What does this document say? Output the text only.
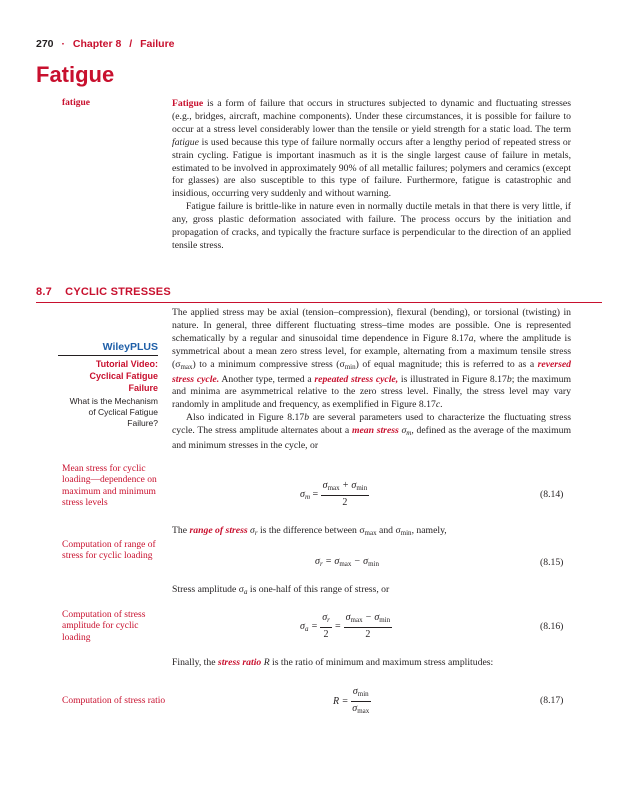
270 · Chapter 8 / Failure
Fatigue
fatigue	Fatigue is a form of failure that occurs in structures subjected to dynamic and fluctuating stresses (e.g., bridges, aircraft, machine components). Under these circumstances, it is possible for failure to occur at a stress level considerably lower than the tensile or yield strength for a static load. The term fatigue is used because this type of failure normally occurs after a lengthy period of repeated stress or strain cycling. Fatigue is important inasmuch as it is the single largest cause of failure in metals, estimated to be involved in approximately 90% of all metallic failures; polymers and ceramics (except for glasses) are also susceptible to this type of failure. Furthermore, fatigue is catastrophic and insidious, occurring very suddenly and without warning.

Fatigue failure is brittle-like in nature even in normally ductile metals in that there is very little, if any, gross plastic deformation associated with failure. The process occurs by the initiation and propagation of cracks, and typically the fracture surface is perpendicular to the direction of an applied tensile stress.

8.7 CYCLIC STRESSES
WileyPLUS
Tutorial Video:
Cyclical Fatigue
Failure
What is the Mechanism
of Cyclical Fatigue
Failure?

The applied stress may be axial (tension–compression), flexural (bending), or torsional (twisting) in nature. In general, three different fluctuating stress–time modes are possible. One is represented schematically by a regular and sinusoidal time dependence in Figure 8.17a, where the amplitude is symmetrical about a mean zero stress level, for example, alternating from a maximum tensile stress $(\sigma_{max})$ to a minimum compressive stress $(\sigma_{min})$ of equal magnitude; this is referred to as a reversed stress cycle. Another type, termed a repeated stress cycle, is illustrated in Figure 8.17b; the maximum and minima are asymmetrical relative to the zero stress level. Finally, the stress level may vary randomly in amplitude and frequency, as exemplified in Figure 8.17c.

Also indicated in Figure 8.17b are several parameters used to characterize the fluctuating stress cycle. The stress amplitude alternates about a mean stress $\sigma_m$, defined as the average of the maximum and minimum stresses in the cycle, or

Mean stress for cyclic loading—dependence on maximum and minimum stress levels
Computation of range of stress for cyclic loading
Computation of stress amplitude for cyclic loading
Computation of stress ratio
$\sigma_m = \frac{\sigma_{max} + \sigma_{min}}{2}$	(8.14)
The range of stress $\sigma_r$ is the difference between $\sigma_{max}$ and $\sigma_{min}$, namely,
$\sigma_r = \sigma_{max} - \sigma_{min}$	(8.15)
Stress amplitude $\sigma_a$ is one-half of this range of stress, or
$\sigma_a = \frac{\sigma_r}{2} = \frac{\sigma_{max} - \sigma_{min}}{2}$	(8.16)
Finally, the stress ratio R is the ratio of minimum and maximum stress amplitudes:
$R = \frac{\sigma_{min}}{\sigma_{max}}$	(8.17)
